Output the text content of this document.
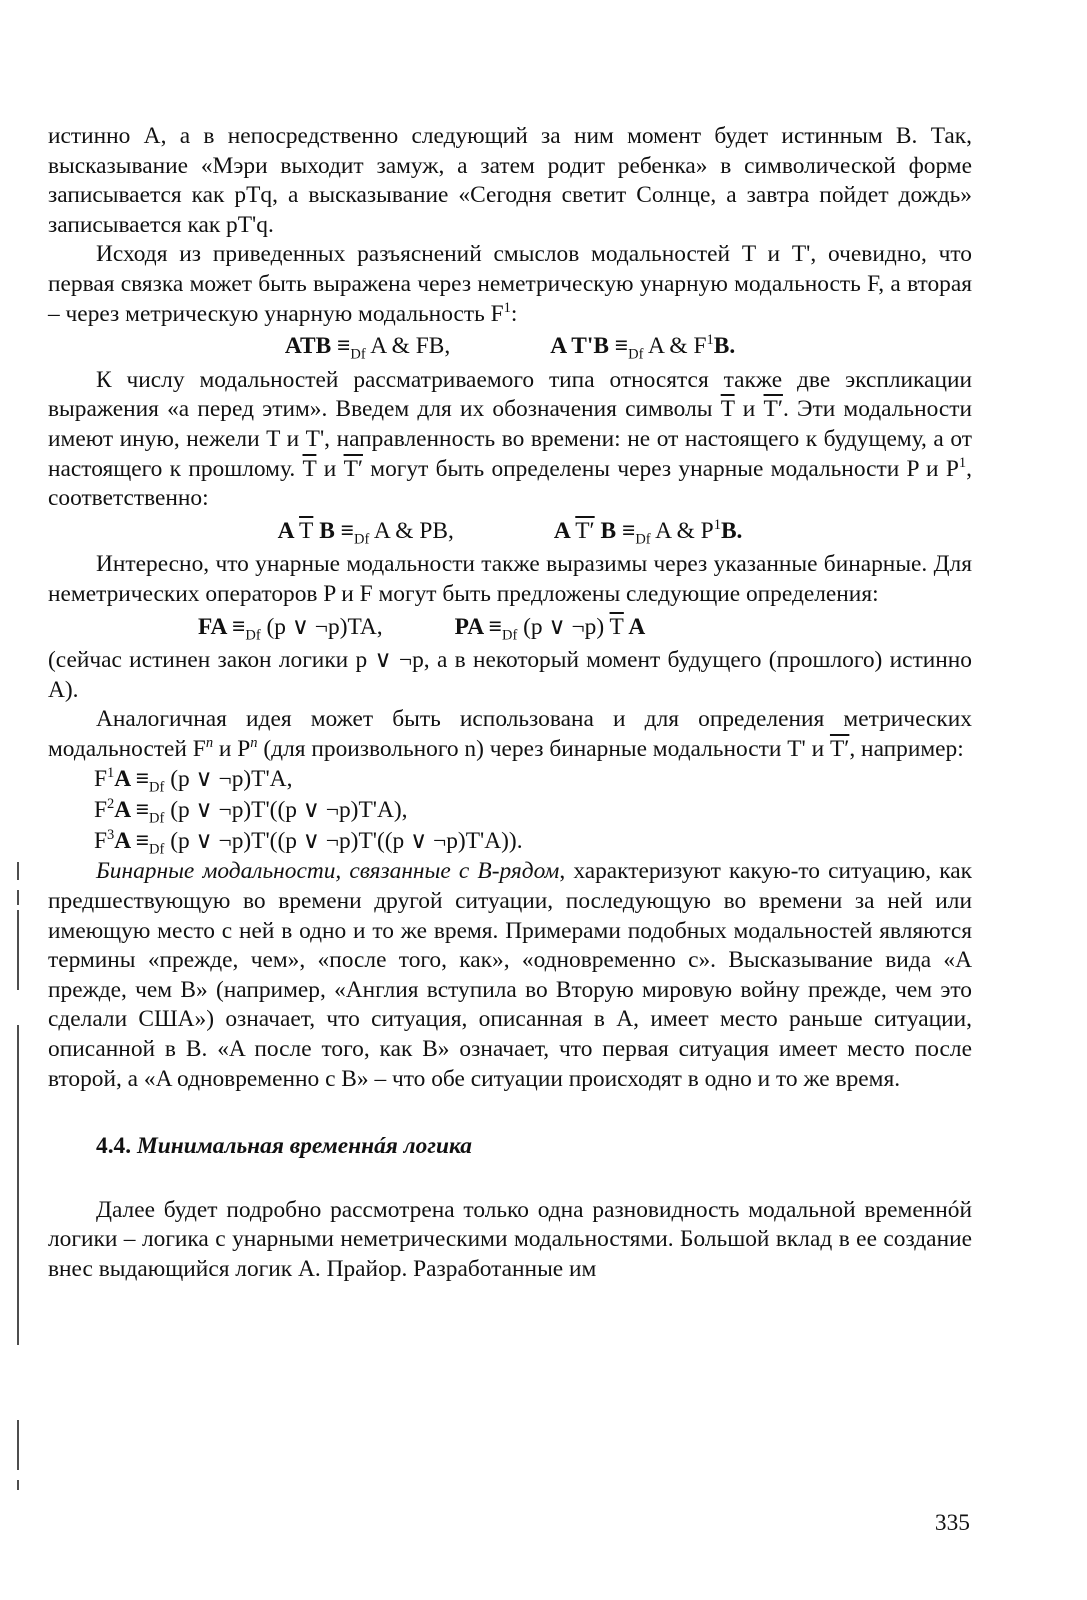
истинно A, а в непосредственно следующий за ним момент будет истинным B. Так, высказывание «Мэри выходит замуж, а затем родит ребенка» в символической форме записывается как pTq, а высказывание «Сегодня светит Солнце, а завтра пойдет дождь» записывается как pT'q.

Исходя из приведенных разъяснений смыслов модальностей T и T', очевидно, что первая связка может быть выражена через неметрическую унарную модальность F, а вторая – через метрическую унарную модальность $F^1$:

ATB $\equiv_{Df}$ A & FB,	A $T'B \equiv_{Df}$ A & $F^1B$.

К числу модальностей рассматриваемого типа относятся также две экспликации выражения «а перед этим». Введем для их обозначения символы $\overline{T}$ и T′. Эти модальности имеют иную, нежели T и T', направленность во времени: не от настоящего к будущему, а от настоящего к прошлому. $\overline{T}$ и T′ могут быть определены через унарные модальности P и $P^1$, соответственно:

A $\overline{T}$ $B \equiv_{Df}$ A & PB,	A T′ $B \equiv_{Df}$ A & $P^1B$.

Интересно, что унарные модальности также выразимы через указанные бинарные. Для неметрических операторов P и F могут быть предложены следующие определения:

FA $\equiv_{Df}$ (p ∨ ¬p)TA,	PA $\equiv_{Df}$ (p ∨ ¬p) $\overline{T}$ A

(сейчас истинен закон логики p ∨ ¬p, а в некоторый момент будущего (прошлого) истинно A).

Аналогичная идея может быть использована и для определения метрических модальностей $F^n$ и $P^n$ (для произвольного n) через бинарные модальности T' и T′, например:

$F^1A \equiv_{Df}$ (p ∨ ¬p)T'A,
$F^2A \equiv_{Df}$ (p ∨ ¬p)T'((p ∨ ¬p)T'A),
$F^3A \equiv_{Df}$ (p ∨ ¬p)T'((p ∨ ¬p)T'((p ∨ ¬p)T'A)).

Бинарные модальности, связанные с B-рядом, характеризуют какую-то ситуацию, как предшествующую во времени другой ситуации, последующую во времени за ней или имеющую место с ней в одно и то же время. Примерами подобных модальностей являются термины «прежде, чем», «после того, как», «одновременно с». Высказывание вида «A прежде, чем B» (например, «Англия вступила во Вторую мировую войну прежде, чем это сделали США») означает, что ситуация, описанная в A, имеет место раньше ситуации, описанной в B. «A после того, как B» означает, что первая ситуация имеет место после второй, а «A одновременно с B» – что обе ситуации происходят в одно и то же время.

4.4. Минимальная временнáя логика

Далее будет подробно рассмотрена только одна разновидность модальной временнóй логики – логика с унарными неметрическими модальностями. Большой вклад в ее создание внес выдающийся логик A. Прайор. Разработанные им

335
